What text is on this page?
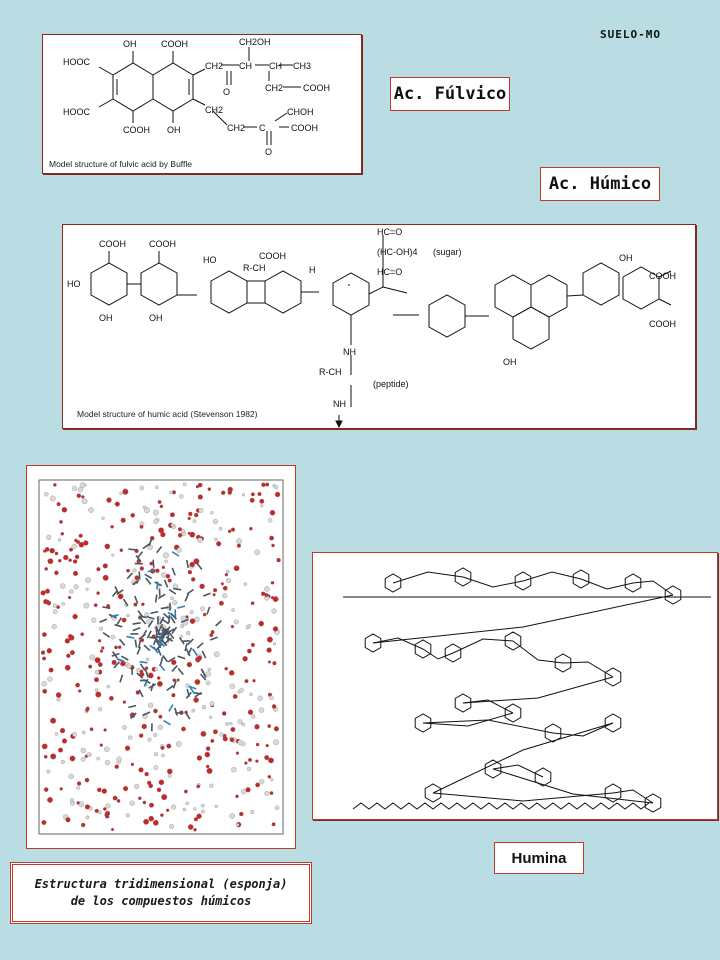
SUELO-MO
OH	COOH
HOOC
HOOC
COOH OH
CH2 CH
CH2OH
O
CH CH3
CH2 COOH
CH2
CH2 C
O
CHOH
COOH
Model structure of fulvic acid by Buffle
Ac. Fúlvico
Ac. Húmico
COOH	COOH
HO
OH	OH
HO	COOH
R-CH	H
HC=O
(HC-OH)4 (sugar)
HC=O
NH
R-CH
(peptide)
NH
OH
COOH
COOH
OH
Model structure of humic acid (Stevenson 1982)
Estructura tridimensional (esponja)
de los compuestos húmicos
Humina
